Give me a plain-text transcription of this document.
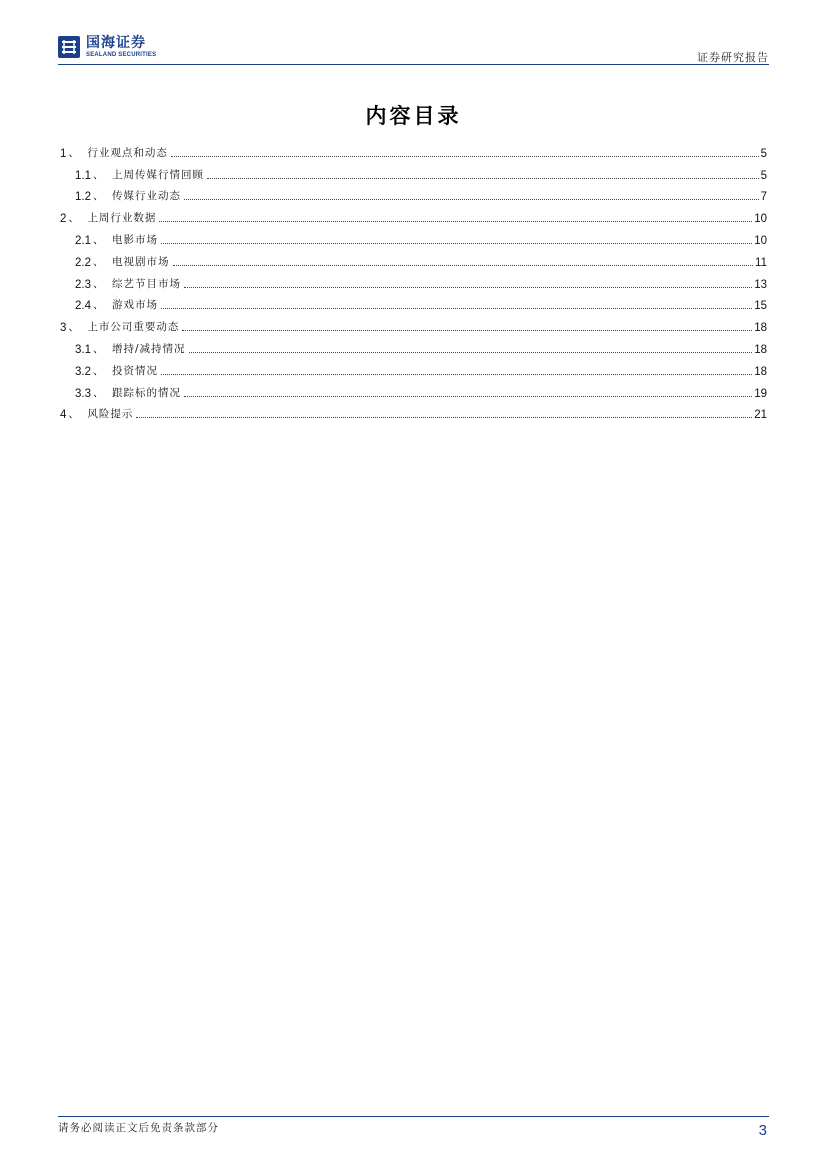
国海证券
SEALAND SECURITIES	证券研究报告
内容目录
1 、 行业观点和动态	5
1.1 、 上周传媒行情回顾	5
1.2 、 传媒行业动态	7
2 、 上周行业数据	10
2.1 、 电影市场	10
2.2 、 电视剧市场	11
2.3 、 综艺节目市场	13
2.4 、 游戏市场	15
3 、 上市公司重要动态	18
3.1 、 增持/减持情况	18
3.2 、 投资情况	18
3.3 、 跟踪标的情况	19
4 、 风险提示	21
请务必阅读正文后免责条款部分	3
